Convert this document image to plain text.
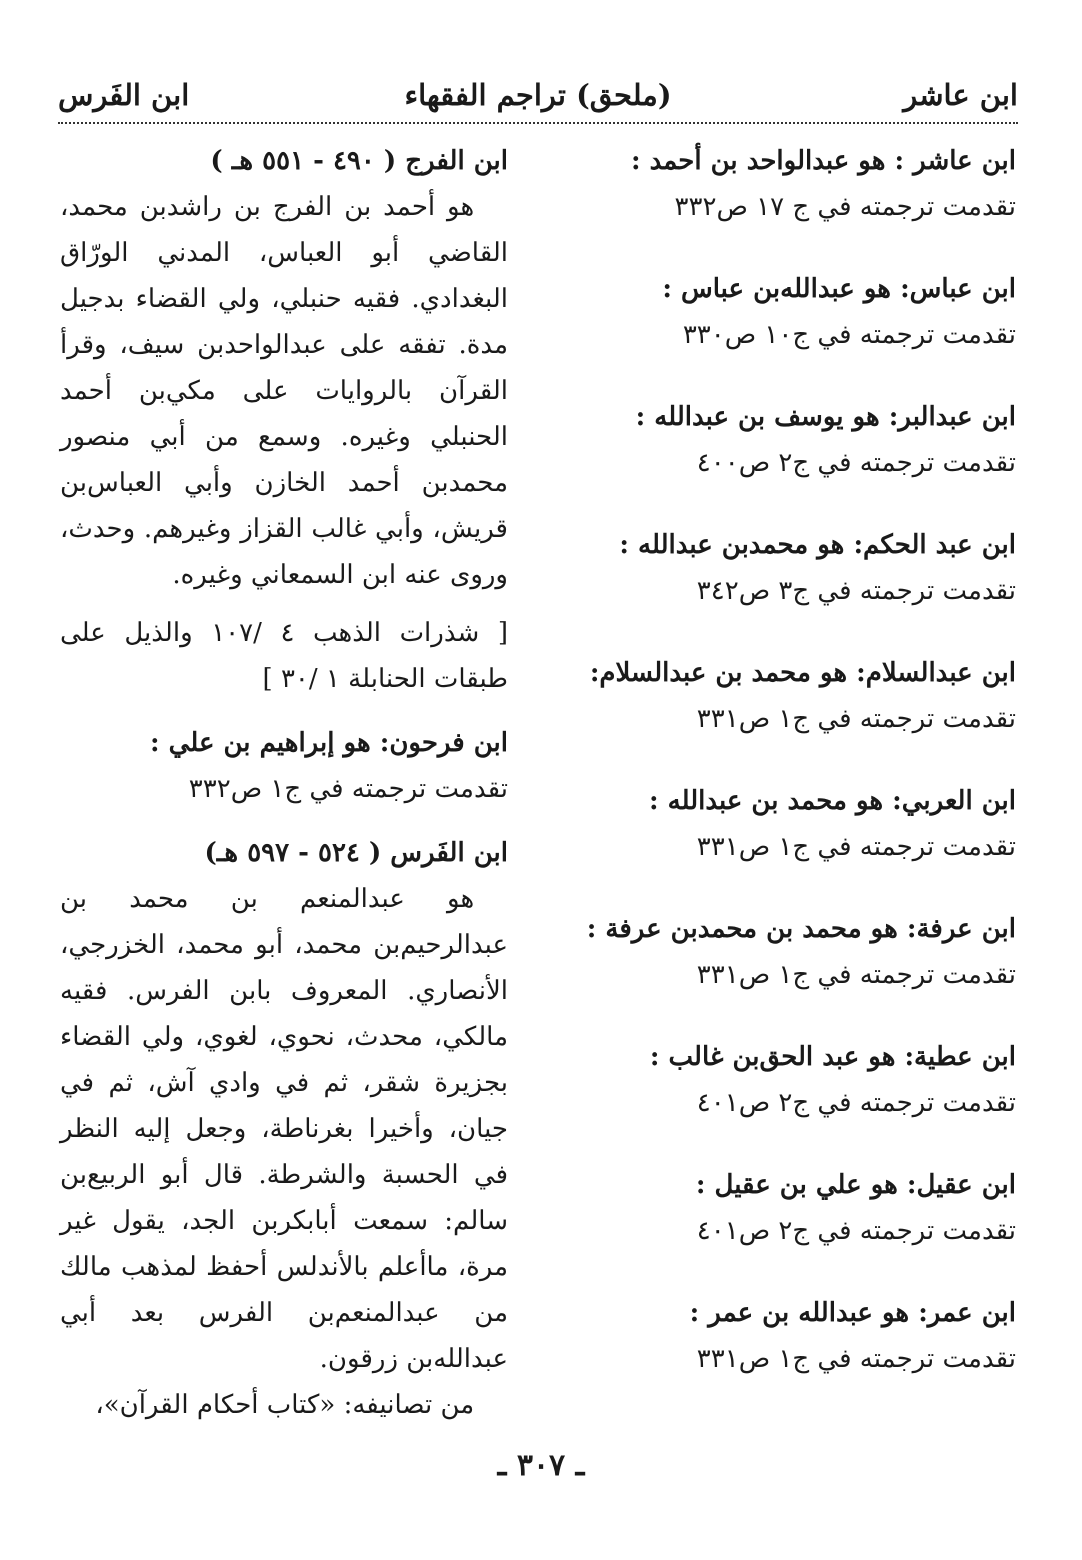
ابن عاشر
(ملحق) تراجم الفقهاء
ابن الفَرس
ابن عاشر : هو عبدالواحد بن أحمد :
تقدمت ترجمته في ج ١٧ ص٣٣٢
ابن عباس: هو عبدالله‌بن عباس :
تقدمت ترجمته في ج١٠ ص٣٣٠
ابن عبدالبر: هو يوسف بن عبدالله :
تقدمت ترجمته في ج٢ ص٤٠٠
ابن عبد الحكم: هو محمدبن عبدالله :
تقدمت ترجمته في ج٣ ص٣٤٢
ابن عبدالسلام: هو محمد بن عبدالسلام:
تقدمت ترجمته في ج١ ص٣٣١
ابن العربي: هو محمد بن عبدالله :
تقدمت ترجمته في ج١ ص٣٣١
ابن عرفة: هو محمد بن محمدبن عرفة :
تقدمت ترجمته في ج١ ص٣٣١
ابن عطية: هو عبد الحق‌بن غالب :
تقدمت ترجمته في ج٢ ص٤٠١
ابن عقيل: هو علي بن عقيل :
تقدمت ترجمته في ج٢ ص٤٠١
ابن عمر: هو عبدالله بن عمر :
تقدمت ترجمته في ج١ ص٣٣١
ابن الفرج ( ٤٩٠ - ٥٥١ هـ )

هو أحمد بن الفرج بن راشدبن محمد، القاضي أبو العباس، المدني الورّاق البغدادي. فقيه حنبلي، ولي القضاء بدجيل مدة. تفقه على عبدالواحدبن سيف، وقرأ القرآن بالروايات على مكي‌بن أحمد الحنبلي وغيره. وسمع من أبي منصور محمدبن أحمد الخازن وأبي العباس‌بن قريش، وأبي غالب القزاز وغيرهم. وحدث، وروى عنه ابن السمعاني وغيره.

[ شذرات الذهب ٤ /١٠٧ والذيل على طبقات الحنابلة ١ /٣٠ ]
ابن فرحون: هو إبراهيم بن علي :
تقدمت ترجمته في ج١ ص٣٣٢
ابن الفَرس ( ٥٢٤ - ٥٩٧ هـ)

هو عبدالمنعم بن محمد بن عبدالرحيم‌بن محمد، أبو محمد، الخزرجي، الأنصاري. المعروف بابن الفرس. فقيه مالكي، محدث، نحوي، لغوي، ولي القضاء بجزيرة شقر، ثم في وادي آش، ثم في جيان، وأخيرا بغرناطة، وجعل إليه النظر في الحسبة والشرطة. قال أبو الربيع‌بن سالم: سمعت أبابكربن الجد، يقول غير مرة، ماأعلم بالأندلس أحفظ لمذهب مالك من عبدالمنعم‌بن الفرس بعد أبي عبدالله‌بن زرقون.

من تصانيفه: «كتاب أحكام القرآن»،

ـ ٣٠٧ ـ
